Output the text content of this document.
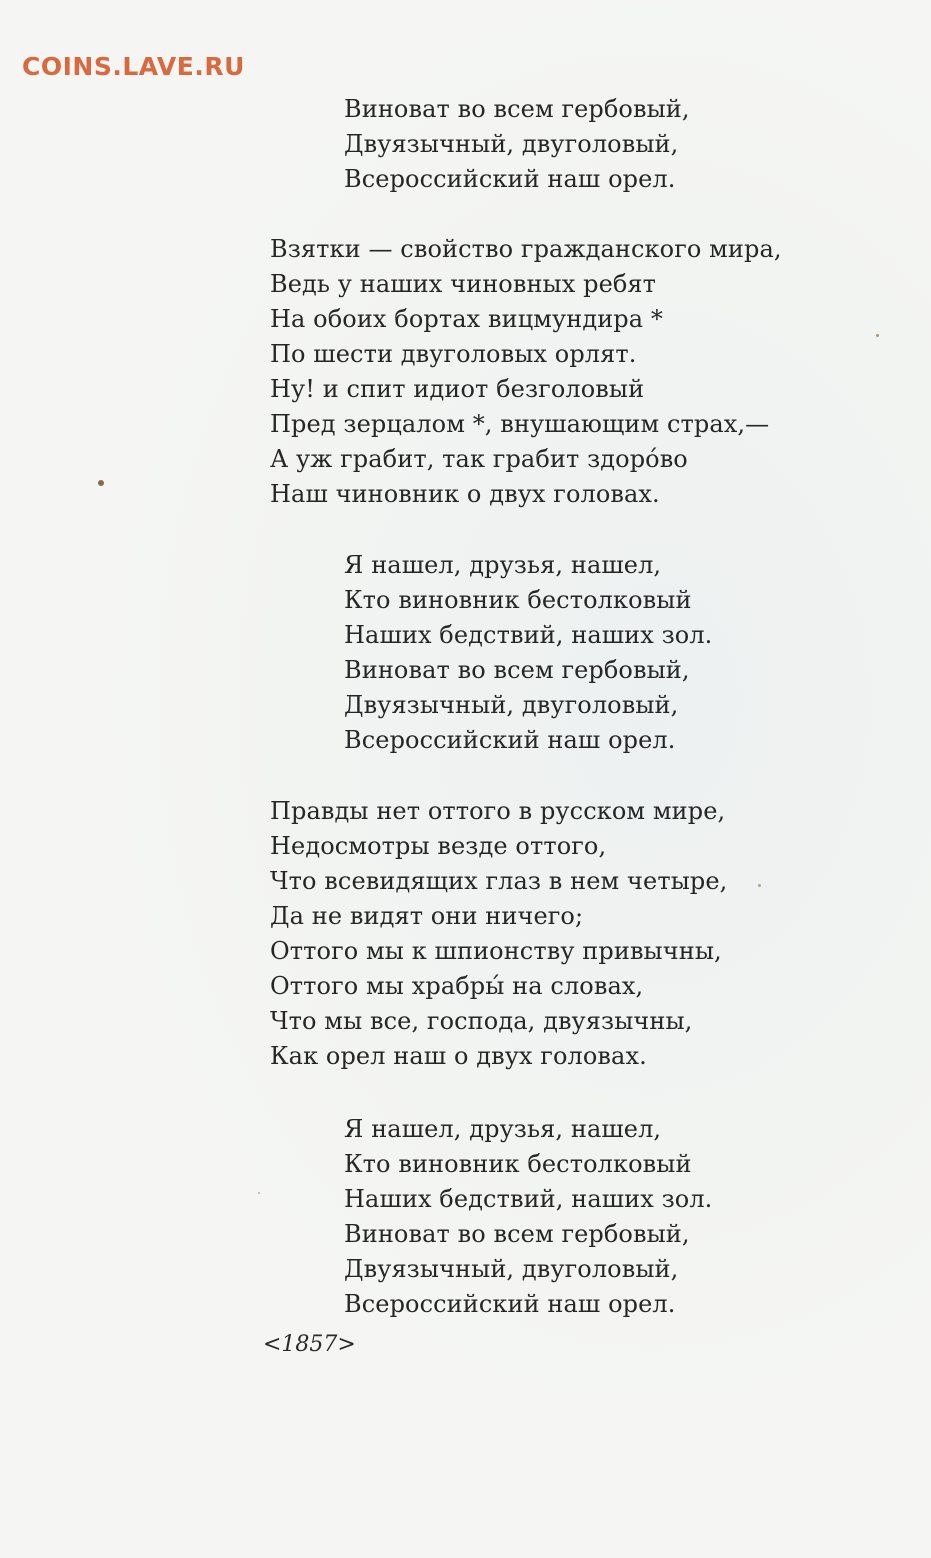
COINS.LAVE.RU
Виноват во всем гербовый,
Двуязычный, двуголовый,
Всероссийский наш орел.
Взятки — свойство гражданского мира,
Ведь у наших чиновных ребят
На обоих бортах вицмундира *
По шести двуголовых орлят.
Ну! и спит идиот безголовый
Пред зерцалом *, внушающим страх,—
А уж грабит, так грабит здоро́во
Наш чиновник о двух головах.
Я нашел, друзья, нашел,
Кто виновник бестолковый
Наших бедствий, наших зол.
Виноват во всем гербовый,
Двуязычный, двуголовый,
Всероссийский наш орел.
Правды нет оттого в русском мире,
Недосмотры везде оттого,
Что всевидящих глаз в нем четыре,
Да не видят они ничего;
Оттого мы к шпионству привычны,
Оттого мы храбры́ на словах,
Что мы все, господа, двуязычны,
Как орел наш о двух головах.
Я нашел, друзья, нашел,
Кто виновник бестолковый
Наших бедствий, наших зол.
Виноват во всем гербовый,
Двуязычный, двуголовый,
Всероссийский наш орел.
<1857>
